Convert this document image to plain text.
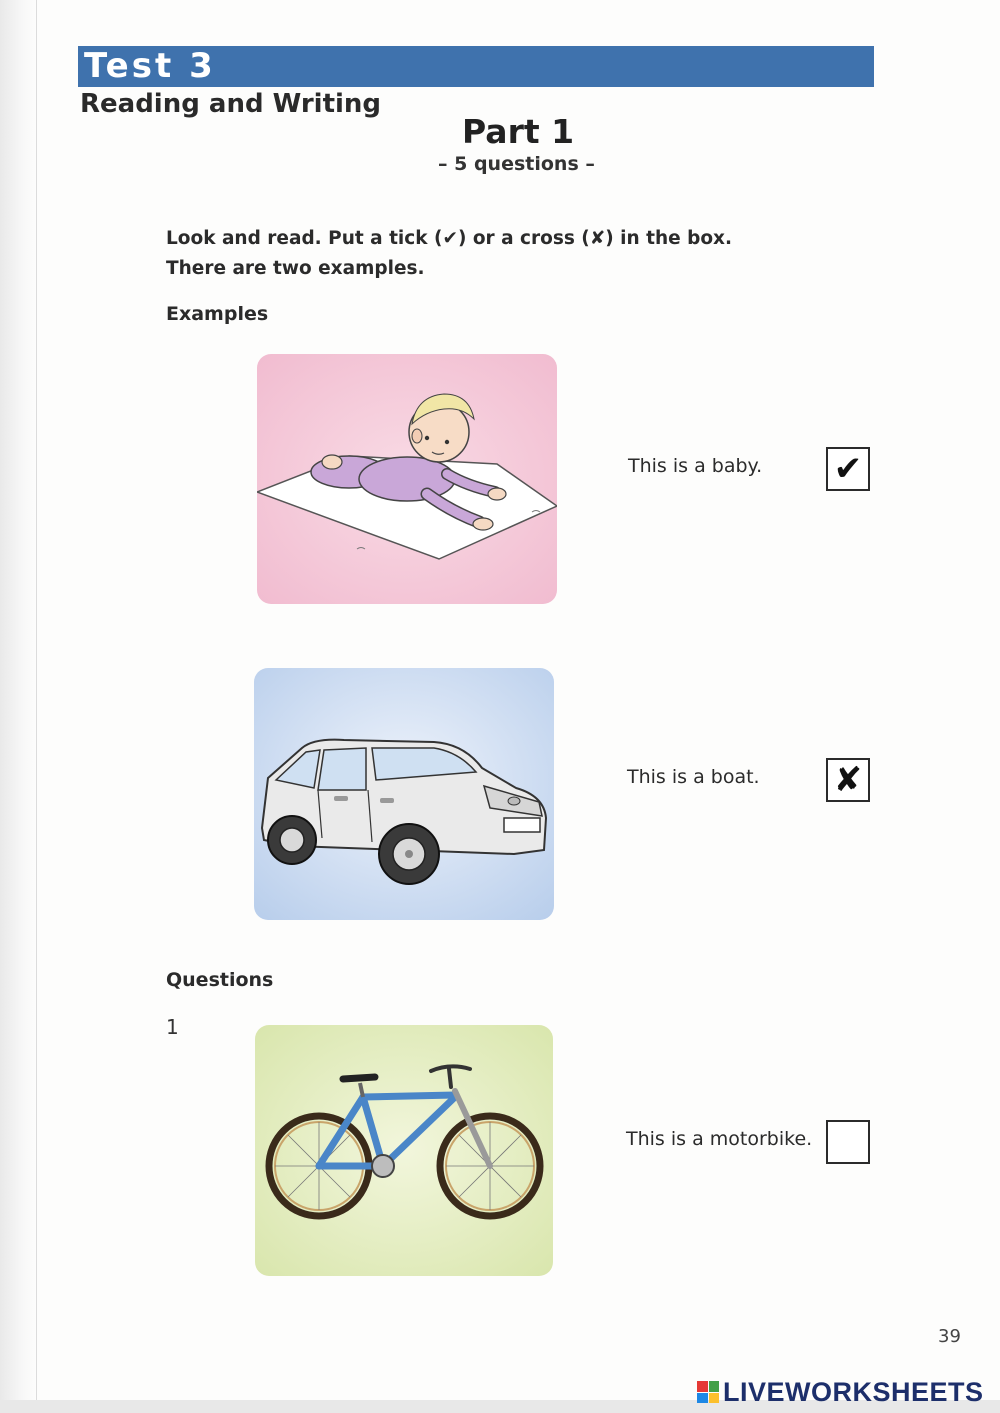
Test 3
Reading and Writing
Part 1
– 5 questions –
Look and read. Put a tick (✔) or a cross (✘) in the box.
There are two examples.
Examples
This is a baby. ✔
This is a boat. ✘
Questions
1
This is a motorbike.
39
LIVEWORKSHEETS
